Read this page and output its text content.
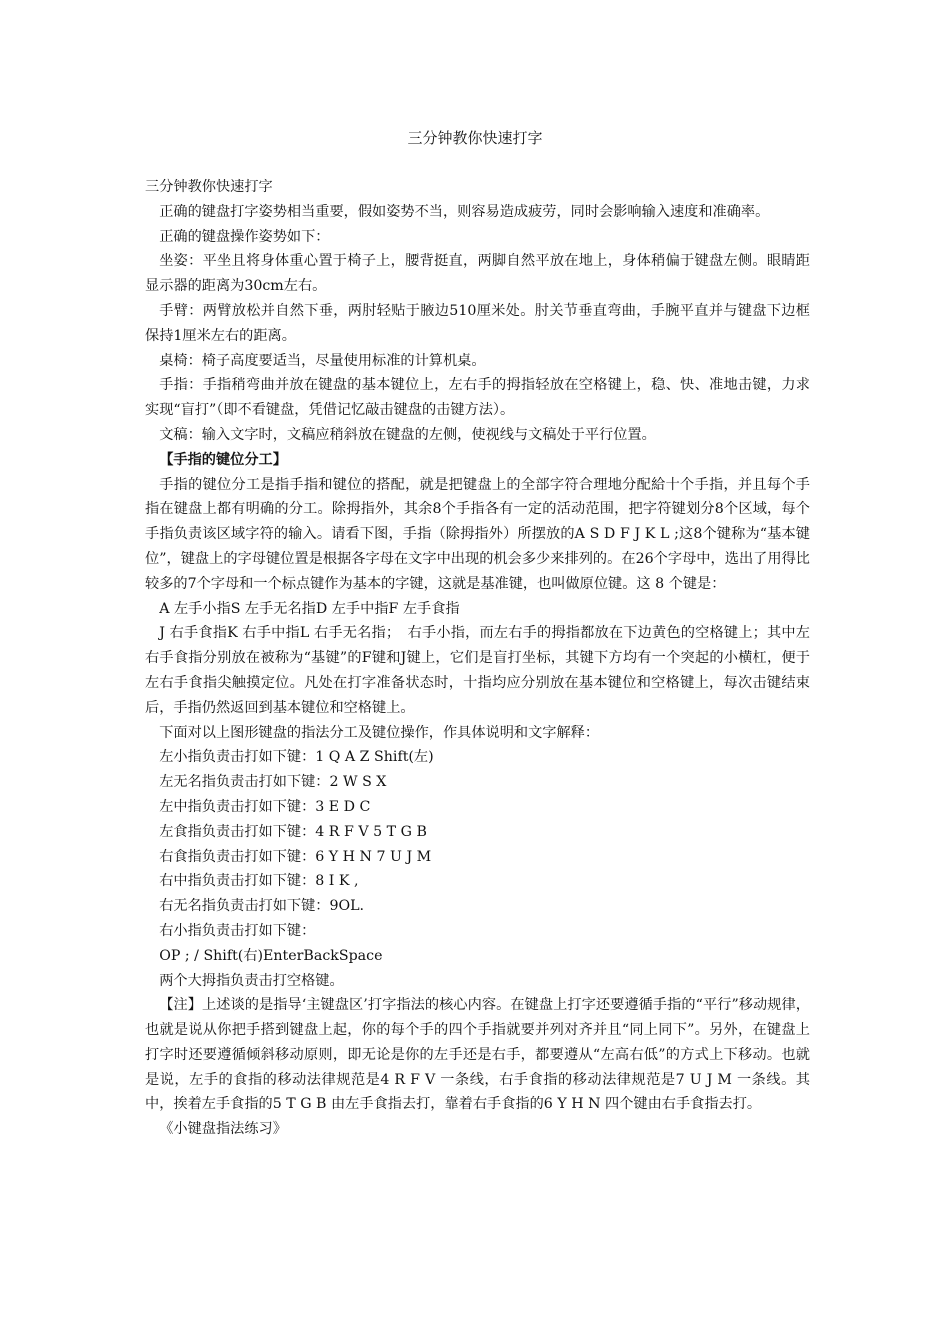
三分钟教你快速打字

三分钟教你快速打字

正确的键盘打字姿势相当重要，假如姿势不当，则容易造成疲劳，同时会影响输入速度和准确率。

正确的键盘操作姿势如下：

坐姿：平坐且将身体重心置于椅子上，腰背挺直，两脚自然平放在地上，身体稍偏于键盘左侧。眼睛距显示器的距离为30cm左右。

手臂：两臂放松并自然下垂，两肘轻贴于腋边510厘米处。肘关节垂直弯曲，手腕平直并与键盘下边框保持1厘米左右的距离。

桌椅：椅子高度要适当，尽量使用标准的计算机桌。

手指：手指稍弯曲并放在键盘的基本键位上，左右手的拇指轻放在空格键上，稳、快、准地击键，力求实现“盲打”（即不看键盘，凭借记忆敲击键盘的击键方法）。

文稿：输入文字时，文稿应稍斜放在键盘的左侧，使视线与文稿处于平行位置。

【手指的键位分工】

手指的键位分工是指手指和键位的搭配，就是把键盘上的全部字符合理地分配給十个手指，并且每个手指在键盘上都有明确的分工。除拇指外，其余8个手指各有一定的活动范围，把字符键划分8个区域，每个手指负责该区域字符的输入。请看下图，手指（除拇指外）所摆放的A S D F J K L ;这8个键称为“基本键位”，键盘上的字母键位置是根据各字母在文字中出现的机会多少来排列的。在26个字母中，选出了用得比较多的7个字母和一个标点键作为基本的字键，这就是基准键，也叫做原位键。这 8 个键是：

A 左手小指S 左手无名指D 左手中指F 左手食指

J 右手食指K 右手中指L 右手无名指；　右手小指，而左右手的拇指都放在下边黄色的空格键上；其中左右手食指分别放在被称为“基键”的F键和J键上，它们是盲打坐标，其键下方均有一个突起的小横杠，便于左右手食指尖触摸定位。凡处在打字准备状态时，十指均应分别放在基本键位和空格键上，每次击键结束后，手指仍然返回到基本键位和空格键上。

下面对以上图形键盘的指法分工及键位操作，作具体说明和文字解释：

左小指负责击打如下键：1 Q A Z Shift(左)

左无名指负责击打如下键：2 W S X

左中指负责击打如下键：3 E D C

左食指负责击打如下键：4 R F V 5 T G B

右食指负责击打如下键：6 Y H N 7 U J M

右中指负责击打如下键：8 I K ,

右无名指负责击打如下键：9OL.

右小指负责击打如下键：

OP ; / Shift(右)EnterBackSpace

两个大拇指负责击打空格键。

【注】上述谈的是指导‘主键盘区’打字指法的核心内容。在键盘上打字还要遵循手指的“平行”移动规律，也就是说从你把手搭到键盘上起，你的每个手的四个手指就要并列对齐并且“同上同下”。另外，在键盘上打字时还要遵循倾斜移动原则，即无论是你的左手还是右手，都要遵从“左高右低”的方式上下移动。也就是说，左手的食指的移动法律规范是4 R F V 一条线，右手食指的移动法律规范是7 U J M 一条线。其中，挨着左手食指的5 T G B 由左手食指去打，靠着右手食指的6 Y H N 四个键由右手食指去打。

《小键盘指法练习》
